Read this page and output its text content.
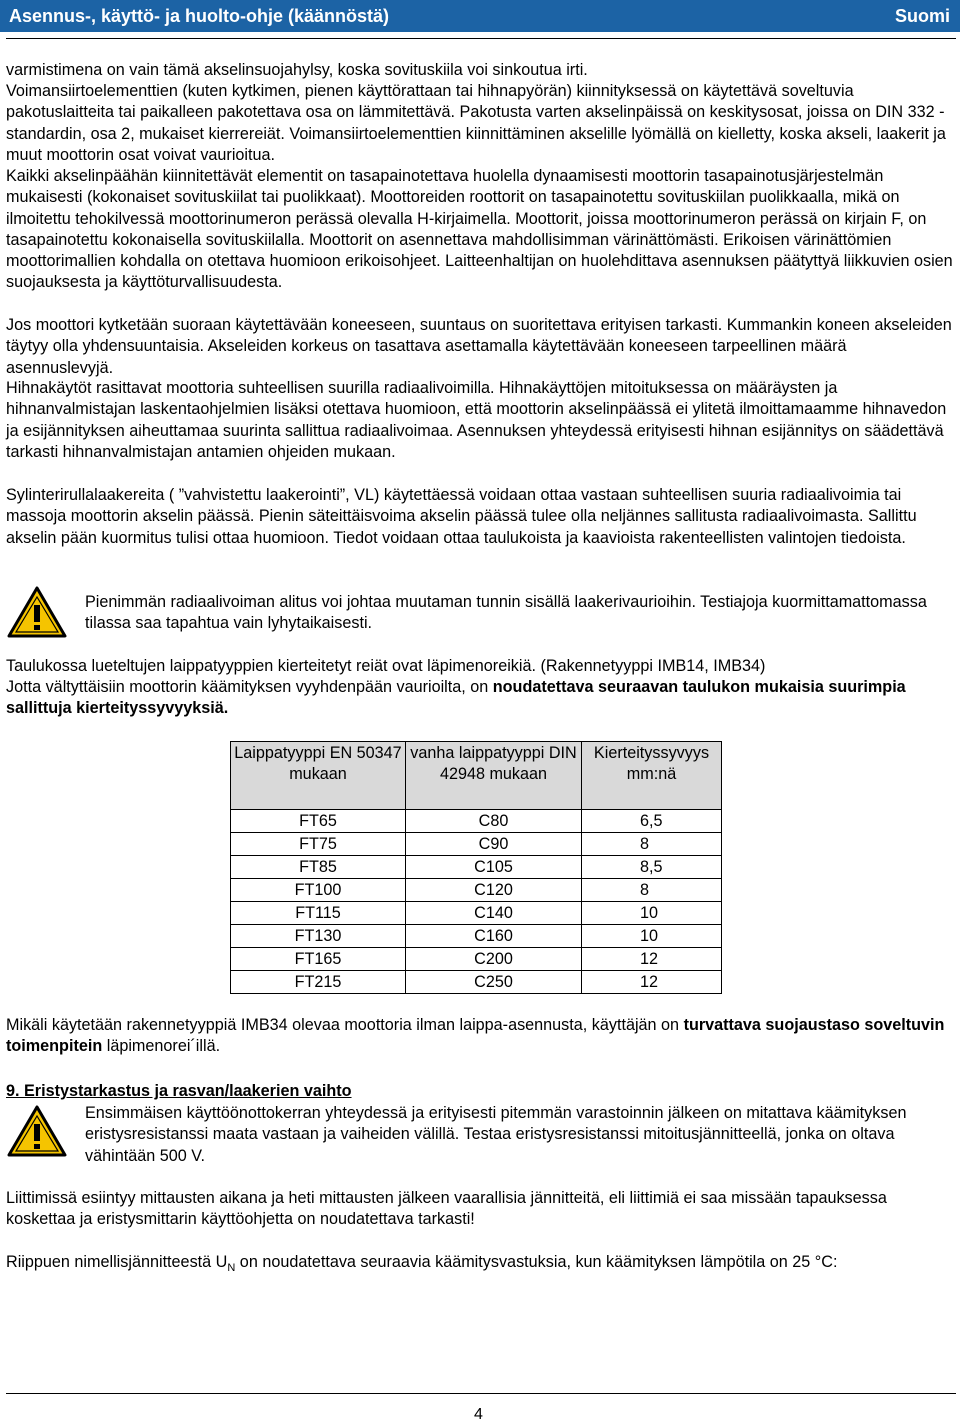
Asennus-, käyttö- ja huolto-ohje (käännöstä)	Suomi

varmistimena on vain tämä akselinsuojahylsy, koska sovituskiila voi sinkoutua irti.

Voimansiirtoelementtien (kuten kytkimen, pienen käyttörattaan tai hihnapyörän) kiinnityksessä on käytettävä soveltuvia pakotuslaitteita tai paikalleen pakotettava osa on lämmitettävä. Pakotusta varten akselinpäissä on keskitysosat, joissa on DIN 332 -standardin, osa 2, mukaiset kierrereiät. Voimansiirtoelementtien kiinnittäminen akselille lyömällä on kielletty, koska akseli, laakerit ja muut moottorin osat voivat vaurioitua.

Kaikki akselinpäähän kiinnitettävät elementit on tasapainotettava huolella dynaamisesti moottorin tasapainotusjärjestelmän mukaisesti (kokonaiset sovituskiilat tai puolikkaat). Moottoreiden roottorit on tasapainotettu sovituskiilan puolikkaalla, mikä on ilmoitettu tehokilvessä moottorinumeron perässä olevalla H-kirjaimella. Moottorit, joissa moottorinumeron perässä on kirjain F, on tasapainotettu kokonaisella sovituskiilalla. Moottorit on asennettava mahdollisimman värinättömästi. Erikoisen värinättömien moottorimallien kohdalla on otettava huomioon erikoisohjeet. Laitteenhaltijan on huolehdittava asennuksen päätyttyä liikkuvien osien suojauksesta ja käyttöturvallisuudesta.

Jos moottori kytketään suoraan käytettävään koneeseen, suuntaus on suoritettava erityisen tarkasti. Kummankin koneen akseleiden täytyy olla yhdensuuntaisia. Akseleiden korkeus on tasattava asettamalla käytettävään koneeseen tarpeellinen määrä asennuslevyjä.

Hihnakäytöt rasittavat moottoria suhteellisen suurilla radiaalivoimilla. Hihnakäyttöjen mitoituksessa on määräysten ja hihnanvalmistajan laskentaohjelmien lisäksi otettava huomioon, että moottorin akselinpäässä ei ylitetä ilmoittamaamme hihnavedon ja esijännityksen aiheuttamaa suurinta sallittua radiaalivoimaa. Asennuksen yhteydessä erityisesti hihnan esijännitys on säädettävä tarkasti hihnanvalmistajan antamien ohjeiden mukaan.

Sylinterirullalaakereita ( ”vahvistettu laakerointi”, VL) käytettäessä voidaan ottaa vastaan suhteellisen suuria radiaalivoimia tai massoja moottorin akselin päässä. Pienin säteittäisvoima akselin päässä tulee olla neljännes sallitusta radiaalivoimasta. Sallittu akselin pään kuormitus tulisi ottaa huomioon. Tiedot voidaan ottaa taulukoista ja kaavioista rakenteellisten valintojen tiedoista.

Pienimmän radiaalivoiman alitus voi johtaa muutaman tunnin sisällä laakerivaurioihin. Testiajoja kuormittamattomassa tilassa saa tapahtua vain lyhytaikaisesti.

Taulukossa lueteltujen laippatyyppien kierteitetyt reiät ovat läpimenoreikiä. (Rakennetyyppi IMB14, IMB34)

Jotta vältyttäisiin moottorin käämityksen vyyhdenpään vaurioilta, on noudatettava seuraavan taulukon mukaisia suurimpia sallittuja kierteityssyvyyksiä.

Laippatyyppi EN 50347 mukaan	vanha laippatyyppi DIN 42948 mukaan	Kierteityssyvyys mm:nä
FT65	C80	6,5
FT75	C90	8
FT85	C105	8,5
FT100	C120	8
FT115	C140	10
FT130	C160	10
FT165	C200	12
FT215	C250	12

Mikäli käytetään rakennetyyppiä IMB34 olevaa moottoria ilman laippa-asennusta, käyttäjän on turvattava suojaustaso soveltuvin toimenpitein läpimenorei´illä.

9. Eristystarkastus ja rasvan/laakerien vaihto

Ensimmäisen käyttöönottokerran yhteydessä ja erityisesti pitemmän varastoinnin jälkeen on mitattava käämityksen eristysresistanssi maata vastaan ja vaiheiden välillä. Testaa eristysresistanssi mitoitusjännitteellä, jonka on oltava vähintään 500 V.

Liittimissä esiintyy mittausten aikana ja heti mittausten jälkeen vaarallisia jännitteitä, eli liittimiä ei saa missään tapauksessa koskettaa ja eristysmittarin käyttöohjetta on noudatettava tarkasti!

Riippuen nimellisjännitteestä $U_N$ on noudatettava seuraavia käämitysvastuksia, kun käämityksen lämpötila on 25 °C:

4
